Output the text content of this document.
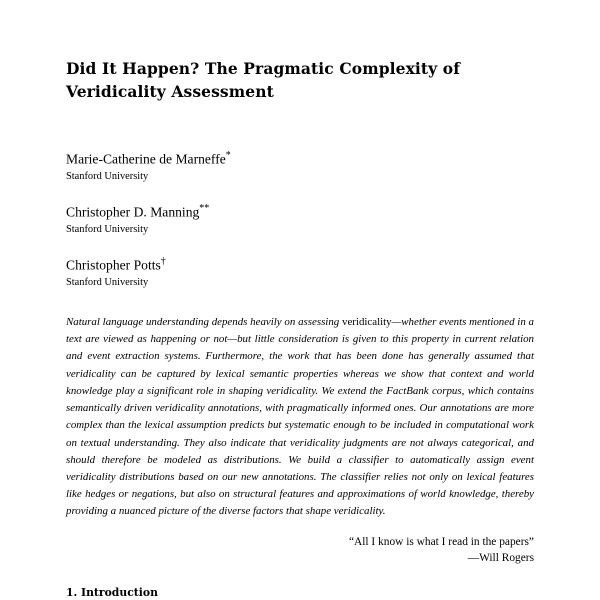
Did It Happen? The Pragmatic Complexity of
Veridicality Assessment
Marie-Catherine de Marneffe*
Stanford University
Christopher D. Manning**
Stanford University
Christopher Potts†
Stanford University
Natural language understanding depends heavily on assessing veridicality—whether events mentioned in a text are viewed as happening or not—but little consideration is given to this property in current relation and event extraction systems. Furthermore, the work that has been done has generally assumed that veridicality can be captured by lexical semantic properties whereas we show that context and world knowledge play a significant role in shaping veridicality. We extend the FactBank corpus, which contains semantically driven veridicality annotations, with pragmatically informed ones. Our annotations are more complex than the lexical assumption predicts but systematic enough to be included in computational work on textual understanding. They also indicate that veridicality judgments are not always categorical, and should therefore be modeled as distributions. We build a classifier to automatically assign event veridicality distributions based on our new annotations. The classifier relies not only on lexical features like hedges or negations, but also on structural features and approximations of world knowledge, thereby providing a nuanced picture of the diverse factors that shape veridicality.
“All I know is what I read in the papers”
—Will Rogers
1. Introduction
